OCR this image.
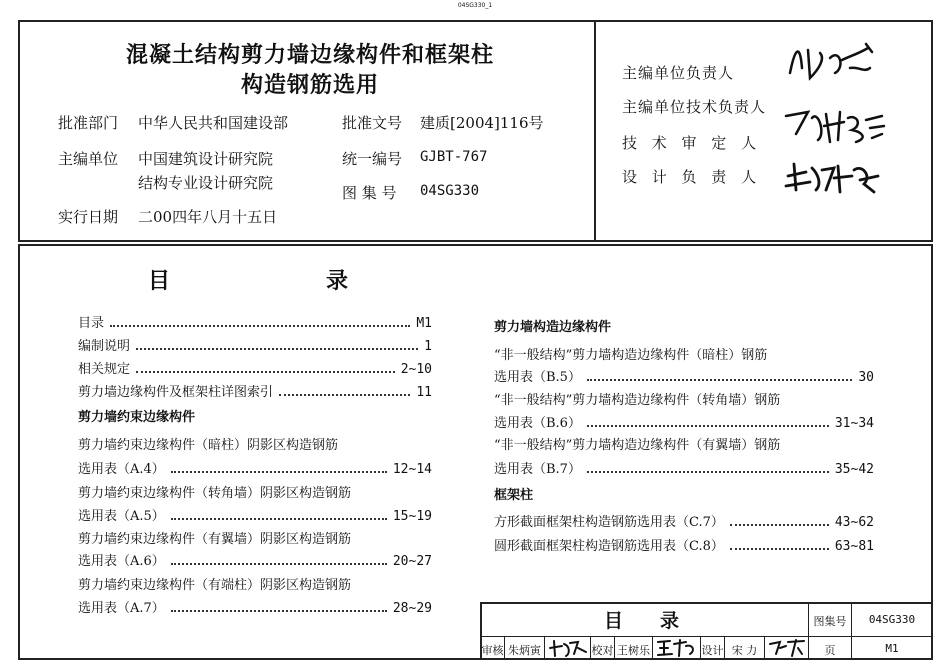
04SG330_1
混凝土结构剪力墙边缘构件和框架柱
构造钢筋选用
批准部门 中华人民共和国建设部	批准文号 建质[2004]116号
主编单位 中国建筑设计研究院
结构专业设计研究院
统一编号 GJBT-767
图 集 号 04SG330
实行日期 二00四年八月十五日
主编单位负责人
主编单位技术负责人
技 术 审 定 人
设 计 负 责 人
目	录
目录	M1
编制说明	1
相关规定	2~10
剪力墙边缘构件及框架柱详图索引	11
剪力墙约束边缘构件
剪力墙约束边缘构件（暗柱）阴影区构造钢筋
选用表（A.4）	12~14
剪力墙约束边缘构件（转角墙）阴影区构造钢筋
选用表（A.5）	15~19
剪力墙约束边缘构件（有翼墙）阴影区构造钢筋
选用表（A.6）	20~27
剪力墙约束边缘构件（有端柱）阴影区构造钢筋
选用表（A.7）	28~29
剪力墙构造边缘构件
“非一般结构”剪力墙构造边缘构件（暗柱）钢筋
选用表（B.5）	30
“非一般结构”剪力墙构造边缘构件（转角墙）钢筋
选用表（B.6）	31~34
“非一般结构”剪力墙构造边缘构件（有翼墙）钢筋
选用表（B.7）	35~42
框架柱
方形截面框架柱构造钢筋选用表（C.7）	43~62
圆形截面框架柱构造钢筋选用表（C.8）	63~81
目 录	图集号	04SG330
审核 朱炳寅	校对 王树乐	设计 宋 力	页	M1
